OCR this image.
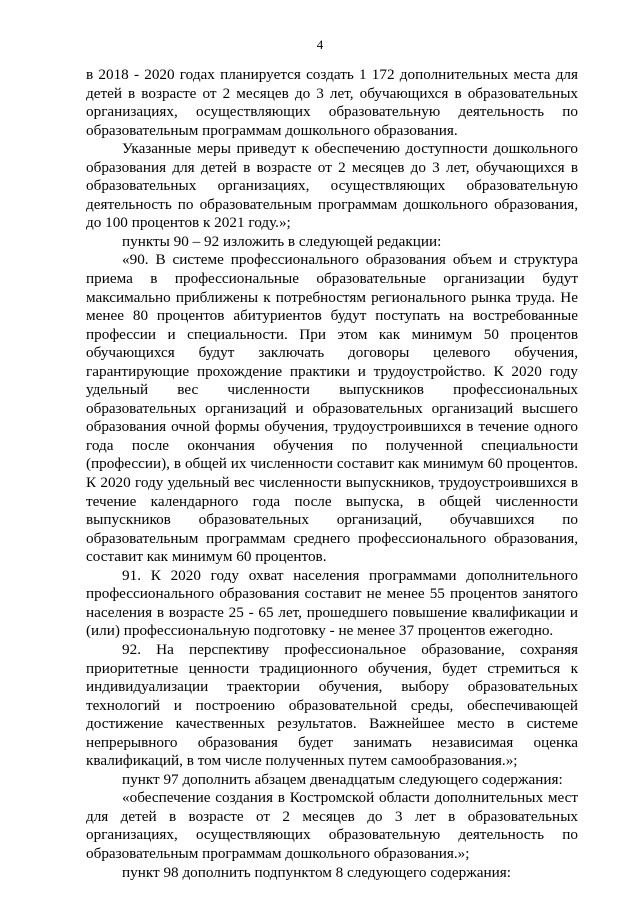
4

в 2018 - 2020 годах планируется создать 1 172 дополнительных места для детей в возрасте от 2 месяцев до 3 лет, обучающихся в образовательных организациях, осуществляющих образовательную деятельность по образовательным программам дошкольного образования.

Указанные меры приведут к обеспечению доступности дошкольного образования для детей в возрасте от 2 месяцев до 3 лет, обучающихся в образовательных организациях, осуществляющих образовательную деятельность по образовательным программам дошкольного образования, до 100 процентов к 2021 году.»;

пункты 90 – 92 изложить в следующей редакции:

«90. В системе профессионального образования объем и структура приема в профессиональные образовательные организации будут максимально приближены к потребностям регионального рынка труда. Не менее 80 процентов абитуриентов будут поступать на востребованные профессии и специальности. При этом как минимум 50 процентов обучающихся будут заключать договоры целевого обучения, гарантирующие прохождение практики и трудоустройство. К 2020 году удельный вес численности выпускников профессиональных образовательных организаций и образовательных организаций высшего образования очной формы обучения, трудоустроившихся в течение одного года после окончания обучения по полученной специальности (профессии), в общей их численности составит как минимум 60 процентов. К 2020 году удельный вес численности выпускников, трудоустроившихся в течение календарного года после выпуска, в общей численности выпускников образовательных организаций, обучавшихся по образовательным программам среднего профессионального образования, составит как минимум 60 процентов.

91. К 2020 году охват населения программами дополнительного профессионального образования составит не менее 55 процентов занятого населения в возрасте 25 - 65 лет, прошедшего повышение квалификации и (или) профессиональную подготовку - не менее 37 процентов ежегодно.

92. На перспективу профессиональное образование, сохраняя приоритетные ценности традиционного обучения, будет стремиться к индивидуализации траектории обучения, выбору образовательных технологий и построению образовательной среды, обеспечивающей достижение качественных результатов. Важнейшее место в системе непрерывного образования будет занимать независимая оценка квалификаций, в том числе полученных путем самообразования.»;

пункт 97 дополнить абзацем двенадцатым следующего содержания:

«обеспечение создания в Костромской области дополнительных мест для детей в возрасте от 2 месяцев до 3 лет в образовательных организациях, осуществляющих образовательную деятельность по образовательным программам дошкольного образования.»;

пункт 98 дополнить подпунктом 8 следующего содержания:
